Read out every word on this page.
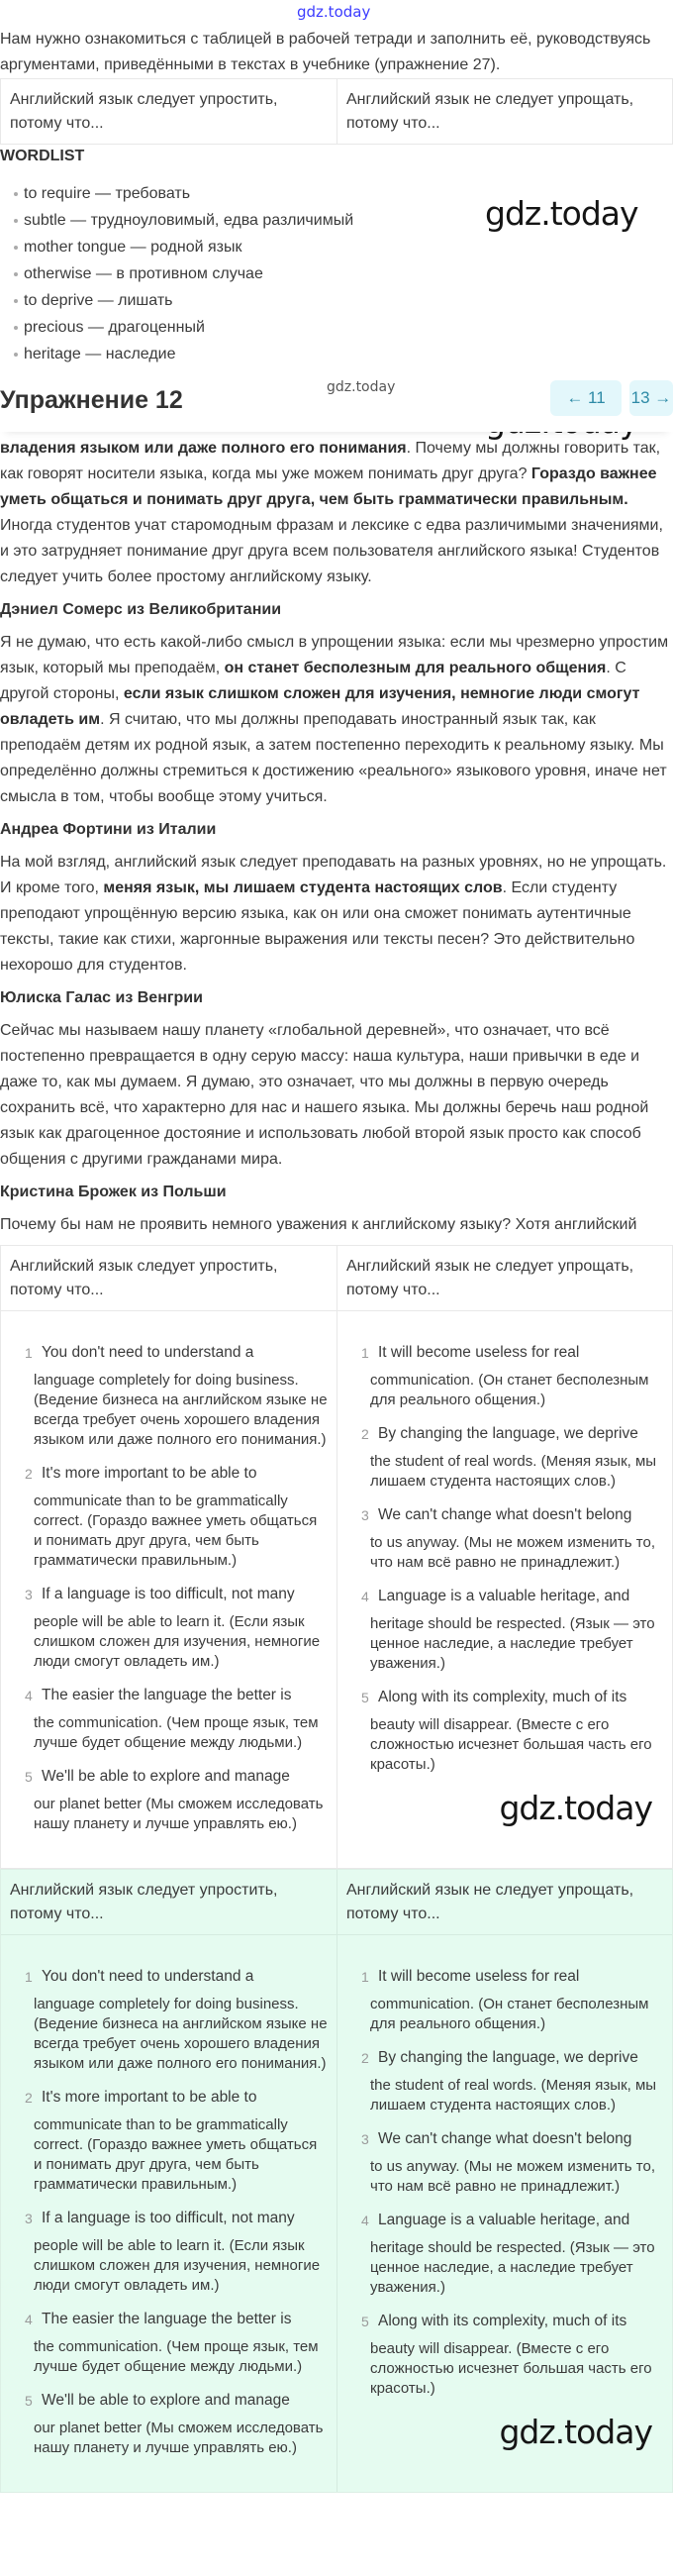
gdz.today
Нам нужно ознакомиться с таблицей в рабочей тетради и заполнить её, руководствуясь аргументами, приведёнными в текстах в учебнике (упражнение 27).
Английский язык следует упростить, потому что...
Английский язык не следует упрощать, потому что...
WORDLIST
to require — требовать
subtle — трудноуловимый, едва различимый
mother tongue — родной язык
otherwise — в противном случае
to deprive — лишать
precious — драгоценный
heritage — наследие
gdz.today
Упражнение 12	gdz.today
← 11	13 →

владения языком или даже полного его понимания. Почему мы должны говорить так, как говорят носители языка, когда мы уже можем понимать друг друга? Гораздо важнее уметь общаться и понимать друг друга, чем быть грамматически правильным. Иногда студентов учат старомодным фразам и лексике с едва различимыми значениями, и это затрудняет понимание друг друга всем пользователя английского языка! Студентов следует учить более простому английскому языку.

Дэниел Сомерс из Великобритании

Я не думаю, что есть какой-либо смысл в упрощении языка: если мы чрезмерно упростим язык, который мы преподаём, он станет бесполезным для реального общения. С другой стороны, если язык слишком сложен для изучения, немногие люди смогут овладеть им. Я считаю, что мы должны преподавать иностранный язык так, как преподаём детям их родной язык, а затем постепенно переходить к реальному языку. Мы определённо должны стремиться к достижению «реального» языкового уровня, иначе нет смысла в том, чтобы вообще этому учиться.

Андреа Фортини из Италии

На мой взгляд, английский язык следует преподавать на разных уровнях, но не упрощать. И кроме того, меняя язык, мы лишаем студента настоящих слов. Если студенту преподают упрощённую версию языка, как он или она сможет понимать аутентичные тексты, такие как стихи, жаргонные выражения или тексты песен? Это действительно нехорошо для студентов.

Юлиска Галас из Венгрии

Сейчас мы называем нашу планету «глобальной деревней», что означает, что всё постепенно превращается в одну серую массу: наша культура, наши привычки в еде и даже то, как мы думаем. Я думаю, это означает, что мы должны в первую очередь сохранить всё, что характерно для нас и нашего языка. Мы должны беречь наш родной язык как драгоценное достояние и использовать любой второй язык просто как способ общения с другими гражданами мира.

Кристина Брожек из Польши

Почему бы нам не проявить немного уважения к английскому языку? Хотя английский

Английский язык следует упростить, потому что...
Английский язык не следует упрощать, потому что...
1 You don't need to understand a
language completely for doing business. (Ведение бизнеса на английском языке не всегда требует очень хорошего владения языком или даже полного его понимания.)
2 It's more important to be able to
communicate than to be grammatically correct. (Гораздо важнее уметь общаться и понимать друг друга, чем быть грамматически правильным.)
3 If a language is too difficult, not many
people will be able to learn it. (Если язык слишком сложен для изучения, немногие люди смогут овладеть им.)
4 The easier the language the better is
the communication. (Чем проще язык, тем лучше будет общение между людьми.)
5 We'll be able to explore and manage
our planet better (Мы сможем исследовать нашу планету и лучше управлять ею.)
1 It will become useless for real
communication. (Он станет бесполезным для реального общения.)
2 By changing the language, we deprive
the student of real words. (Меняя язык, мы лишаем студента настоящих слов.)
3 We can't change what doesn't belong
to us anyway. (Мы не можем изменить то, что нам всё равно не принадлежит.)
4 Language is a valuable heritage, and
heritage should be respected. (Язык — это ценное наследие, а наследие требует уважения.)
5 Along with its complexity, much of its
beauty will disappear. (Вместе с его сложностью исчезнет большая часть его красоты.)
gdz.today
Английский язык следует упростить, потому что...
Английский язык не следует упрощать, потому что...
1 You don't need to understand a
language completely for doing business. (Ведение бизнеса на английском языке не всегда требует очень хорошего владения языком или даже полного его понимания.)
2 It's more important to be able to
communicate than to be grammatically correct. (Гораздо важнее уметь общаться и понимать друг друга, чем быть грамматически правильным.)
3 If a language is too difficult, not many
people will be able to learn it. (Если язык слишком сложен для изучения, немногие люди смогут овладеть им.)
4 The easier the language the better is
the communication. (Чем проще язык, тем лучше будет общение между людьми.)
5 We'll be able to explore and manage
our planet better (Мы сможем исследовать нашу планету и лучше управлять ею.)
1 It will become useless for real
communication. (Он станет бесполезным для реального общения.)
2 By changing the language, we deprive
the student of real words. (Меняя язык, мы лишаем студента настоящих слов.)
3 We can't change what doesn't belong
to us anyway. (Мы не можем изменить то, что нам всё равно не принадлежит.)
4 Language is a valuable heritage, and
heritage should be respected. (Язык — это ценное наследие, а наследие требует уважения.)
5 Along with its complexity, much of its
beauty will disappear. (Вместе с его сложностью исчезнет большая часть его красоты.)
gdz.today
